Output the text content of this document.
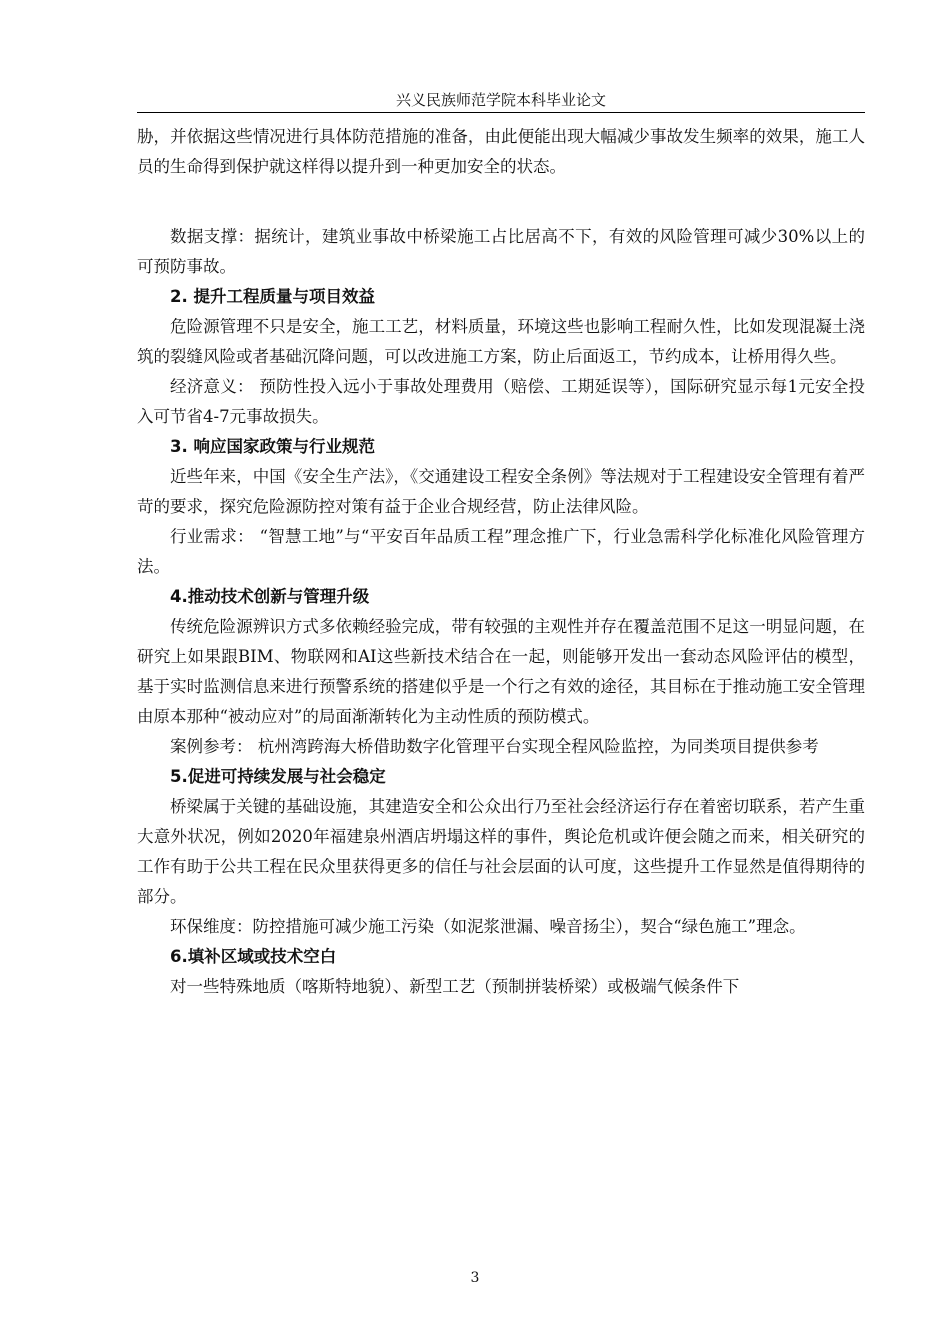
兴义民族师范学院本科毕业论文

胁，并依据这些情况进行具体防范措施的准备，由此便能出现大幅减少事故发生频率的效果，施工人员的生命得到保护就这样得以提升到一种更加安全的状态。

数据支撑：据统计，建筑业事故中桥梁施工占比居高不下，有效的风险管理可减少30%以上的可预防事故。

2. 提升工程质量与项目效益

危险源管理不只是安全，施工工艺，材料质量，环境这些也影响工程耐久性，比如发现混凝土浇筑的裂缝风险或者基础沉降问题，可以改进施工方案，防止后面返工，节约成本，让桥用得久些。

经济意义： 预防性投入远小于事故处理费用（赔偿、工期延误等），国际研究显示每1元安全投入可节省4-7元事故损失。

3. 响应国家政策与行业规范

近些年来，中国《安全生产法》，《交通建设工程安全条例》等法规对于工程建设安全管理有着严苛的要求，探究危险源防控对策有益于企业合规经营，防止法律风险。

行业需求： “智慧工地”与“平安百年品质工程”理念推广下，行业急需科学化标准化风险管理方法。

4.推动技术创新与管理升级

传统危险源辨识方式多依赖经验完成，带有较强的主观性并存在覆盖范围不足这一明显问题，在研究上如果跟BIM、物联网和AI这些新技术结合在一起，则能够开发出一套动态风险评估的模型，基于实时监测信息来进行预警系统的搭建似乎是一个行之有效的途径，其目标在于推动施工安全管理由原本那种“被动应对”的局面渐渐转化为主动性质的预防模式。

案例参考： 杭州湾跨海大桥借助数字化管理平台实现全程风险监控，为同类项目提供参考

5.促进可持续发展与社会稳定

桥梁属于关键的基础设施，其建造安全和公众出行乃至社会经济运行存在着密切联系，若产生重大意外状况，例如2020年福建泉州酒店坍塌这样的事件，舆论危机或许便会随之而来，相关研究的工作有助于公共工程在民众里获得更多的信任与社会层面的认可度，这些提升工作显然是值得期待的部分。

环保维度：防控措施可减少施工污染（如泥浆泄漏、噪音扬尘），契合“绿色施工”理念。

6.填补区域或技术空白

对一些特殊地质（喀斯特地貌）、新型工艺（预制拼装桥梁）或极端气候条件下

3
